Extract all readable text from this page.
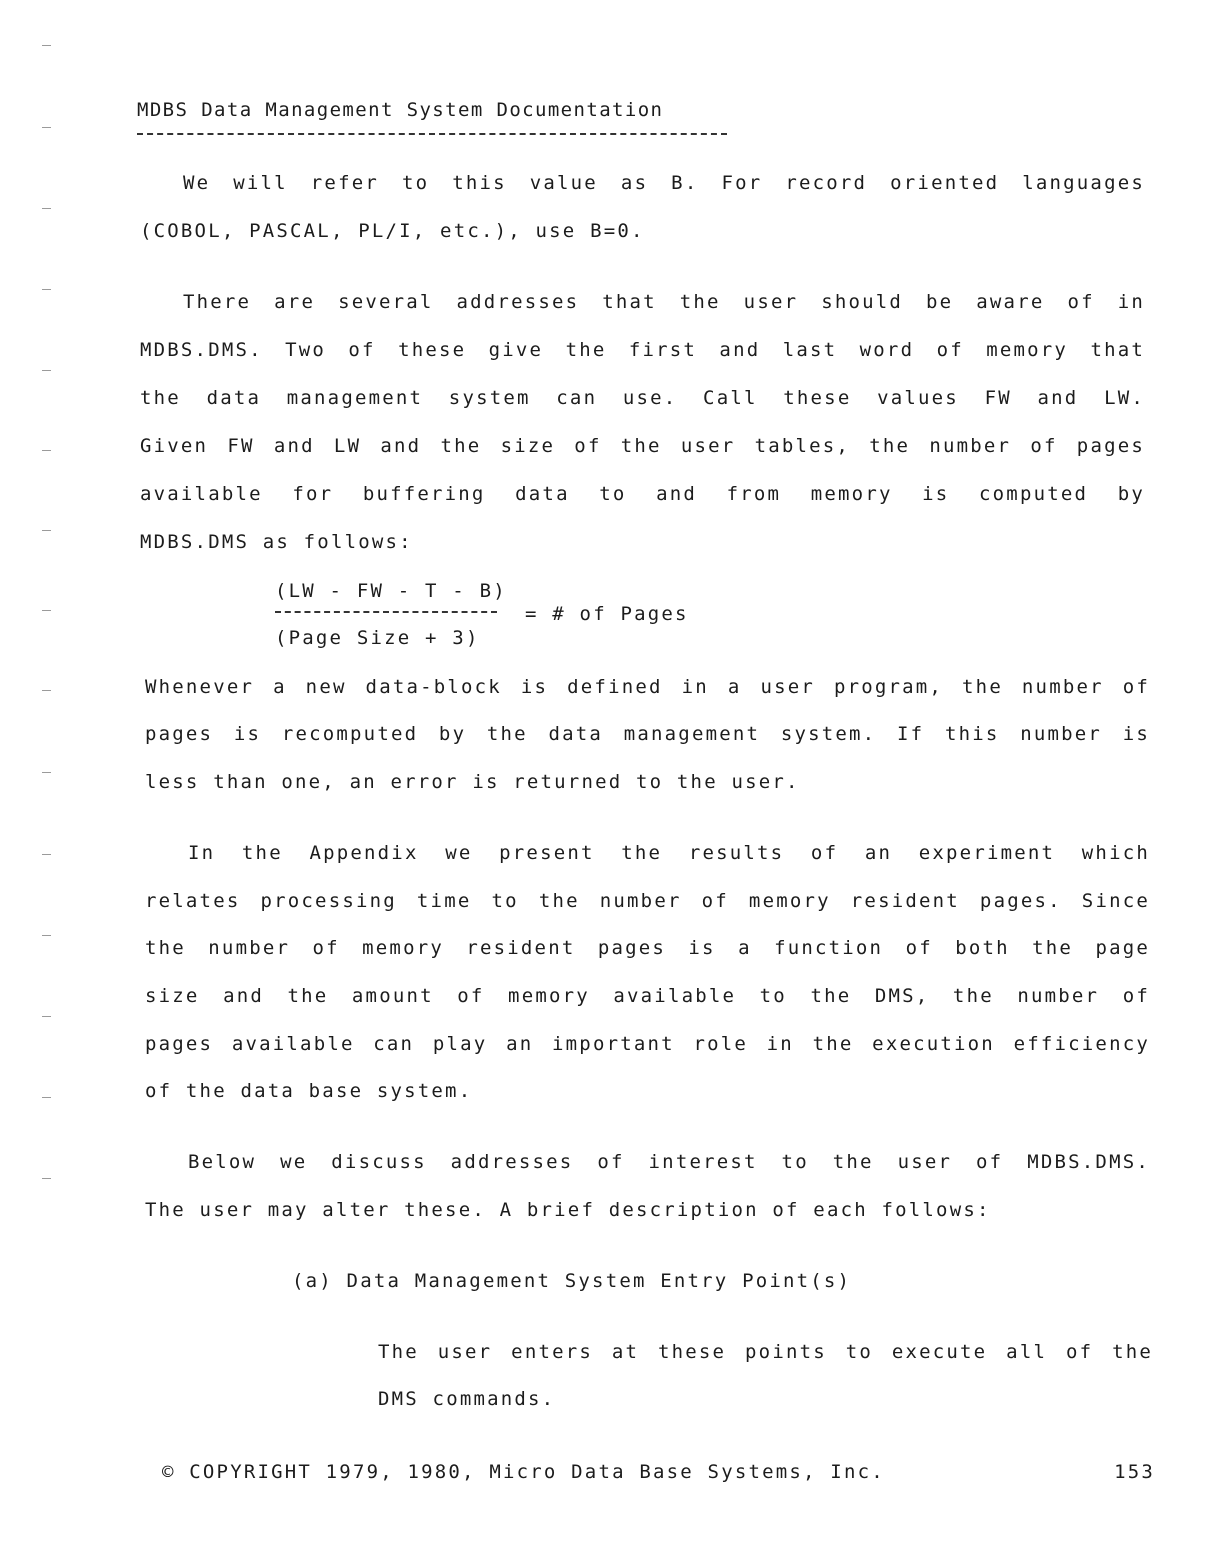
MDBS Data Management System Documentation
We will refer to this value as B. For record oriented languages
(COBOL, PASCAL, PL/I, etc.), use B=0.
There are several addresses that the user should be aware of in
MDBS.DMS. Two of these give the first and last word of memory that
the data management system can use. Call these values FW and LW.
Given FW and LW and the size of the user tables, the number of pages
available for buffering data to and from memory is computed by
MDBS.DMS as follows:
(LW - FW - T - B)
= # of Pages
(Page Size + 3)
Whenever a new data-block is defined in a user program, the number of
pages is recomputed by the data management system. If this number is
less than one, an error is returned to the user.
In the Appendix we present the results of an experiment which
relates processing time to the number of memory resident pages. Since
the number of memory resident pages is a function of both the page
size and the amount of memory available to the DMS, the number of
pages available can play an important role in the execution efficiency
of the data base system.
Below we discuss addresses of interest to the user of MDBS.DMS.
The user may alter these. A brief description of each follows:
(a) Data Management System Entry Point(s)
The user enters at these points to execute all of the
DMS commands.
© COPYRIGHT 1979, 1980, Micro Data Base Systems, Inc.	153
